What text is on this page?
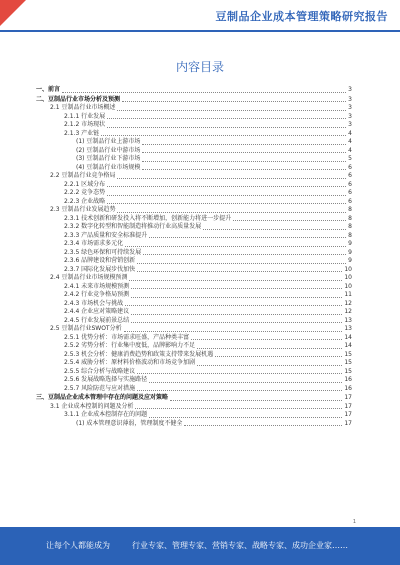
豆制品企业成本管理策略研究报告
内容目录
一、前言	3
二、豆制品行业市场分析及预测	3
2.1 豆制品行业市场概述	3
2.1.1 行业发展	3
2.1.2 市场现状	3
2.1.3 产业链	4
(1) 豆制品行业上游市场	4
(2) 豆制品行业中游市场	4
(3) 豆制品行业下游市场	5
(4) 豆制品行业市场规模	6
2.2 豆制品行业竞争格局	6
2.2.1 区域分布	6
2.2.2 竞争态势	6
2.2.3 企业战略	6
2.3 豆制品行业发展趋势	8
2.3.1 技术创新和研发投入将不断增加，创新能力将进一步提升	8
2.3.2 数字化转型和智能制造将推动行业高质量发展	8
2.3.3 产品质量和安全标准提升	8
2.3.4 市场需求多元化	9
2.3.5 绿色环保和可持续发展	9
2.3.6 品牌建设和营销创新	9
2.3.7 国际化发展步伐加快	10
2.4 豆制品行业市场规模预测	10
2.4.1 未来市场规模预测	10
2.4.2 行业竞争格局预测	11
2.4.3 市场机会与挑战	12
2.4.4 企业应对策略建议	12
2.4.5 行业发展前景总结	13
2.5 豆制品行业SWOT分析	13
2.5.1 优势分析：市场需求旺盛，产品种类丰富	14
2.5.2 劣势分析：行业集中度低，品牌影响力不足	14
2.5.3 机会分析：健康消费趋势和政策支持带来发展机遇	15
2.5.4 威胁分析：原材料价格波动和市场竞争加剧	15
2.5.5 综合分析与战略建议	15
2.5.6 发展战略选择与实施路径	16
2.5.7 风险防范与应对措施	16
三、豆制品企业成本管理中存在的问题及应对策略	17
3.1 企业成本控制的问题及分析	17
3.1.1 企业成本控制存在的问题	17
(1) 成本管理意识薄弱，管理制度不健全	17
1
让每个人都能成为	行业专家、管理专家、营销专家、战略专家、成功企业家……
